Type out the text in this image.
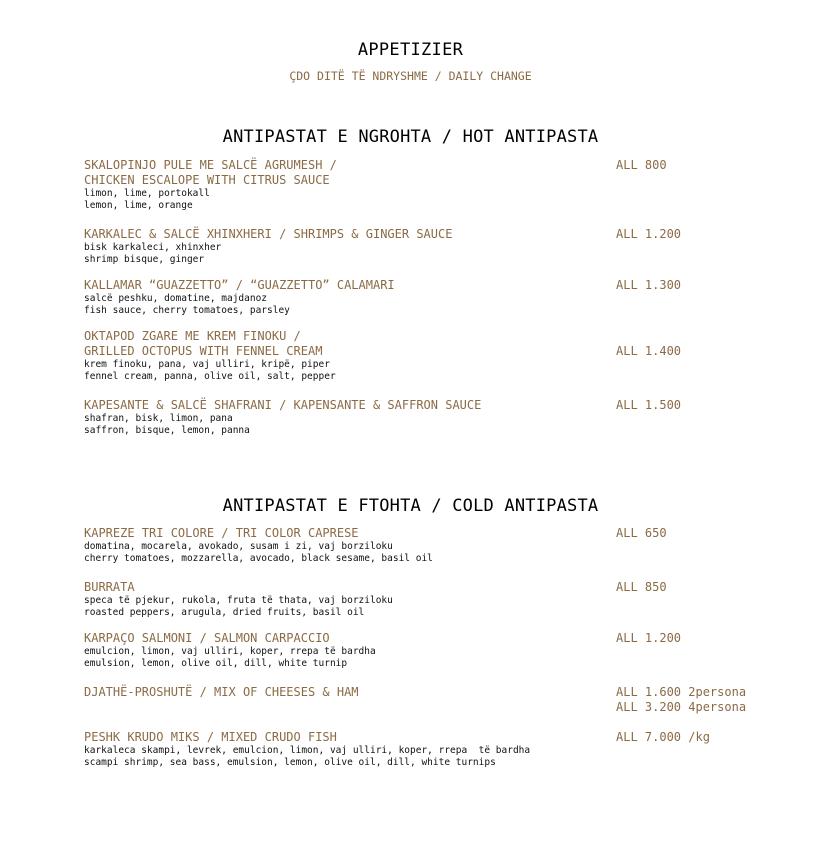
APPETIZIER
ÇDO DITË TË NDRYSHME / DAILY CHANGE
ANTIPASTAT E NGROHTA / HOT ANTIPASTA
SKALOPINJO PULE ME SALCË AGRUMESH /
CHICKEN ESCALOPE WITH CITRUS SAUCE
limon, lime, portokall
lemon, lime, orange
ALL 800
KARKALEC & SALCË XHINXHERI / SHRIMPS & GINGER SAUCE
bisk karkaleci, xhinxher
shrimp bisque, ginger
ALL 1.200
KALLAMAR “GUAZZETTO” / “GUAZZETTO” CALAMARI
salcë peshku, domatine, majdanoz
fish sauce, cherry tomatoes, parsley
ALL 1.300
OKTAPOD ZGARE ME KREM FINOKU /
GRILLED OCTOPUS WITH FENNEL CREAM
krem finoku, pana, vaj ulliri, kripë, piper
fennel cream, panna, olive oil, salt, pepper
ALL 1.400
KAPESANTE & SALCË SHAFRANI / KAPENSANTE & SAFFRON SAUCE
shafran, bisk, limon, pana
saffron, bisque, lemon, panna
ALL 1.500
ANTIPASTAT E FTOHTA / COLD ANTIPASTA
KAPREZE TRI COLORE / TRI COLOR CAPRESE
domatina, mocarela, avokado, susam i zi, vaj borziloku
cherry tomatoes, mozzarella, avocado, black sesame, basil oil
ALL 650
BURRATA
speca të pjekur, rukola, fruta të thata, vaj borziloku
roasted peppers, arugula, dried fruits, basil oil
ALL 850
KARPAÇO SALMONI / SALMON CARPACCIO
emulcion, limon, vaj ulliri, koper, rrepa të bardha
emulsion, lemon, olive oil, dill, white turnip
ALL 1.200
DJATHË-PROSHUTË / MIX OF CHEESES & HAM	ALL 1.600 2persona
ALL 3.200 4persona
PESHK KRUDO MIKS / MIXED CRUDO FISH
karkaleca skampi, levrek, emulcion, limon, vaj ulliri, koper, rrepa  të bardha
scampi shrimp, sea bass, emulsion, lemon, olive oil, dill, white turnips
ALL 7.000 /kg
